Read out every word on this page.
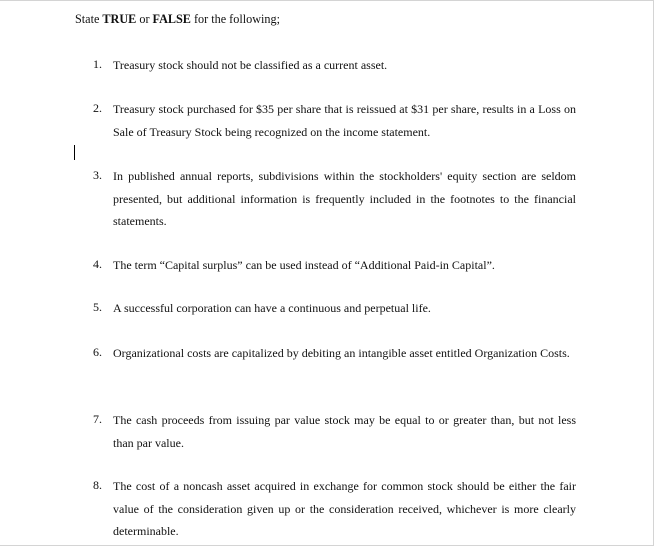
State TRUE or FALSE for the following;
1. Treasury stock should not be classified as a current asset.
2. Treasury stock purchased for $35 per share that is reissued at $31 per share, results in a Loss on Sale of Treasury Stock being recognized on the income statement.
3. In published annual reports, subdivisions within the stockholders' equity section are seldom presented, but additional information is frequently included in the footnotes to the financial statements.
4. The term “Capital surplus” can be used instead of “Additional Paid-in Capital”.
5. A successful corporation can have a continuous and perpetual life.
6. Organizational costs are capitalized by debiting an intangible asset entitled Organization Costs.
7. The cash proceeds from issuing par value stock may be equal to or greater than, but not less than par value.
8. The cost of a noncash asset acquired in exchange for common stock should be either the fair value of the consideration given up or the consideration received, whichever is more clearly determinable.
